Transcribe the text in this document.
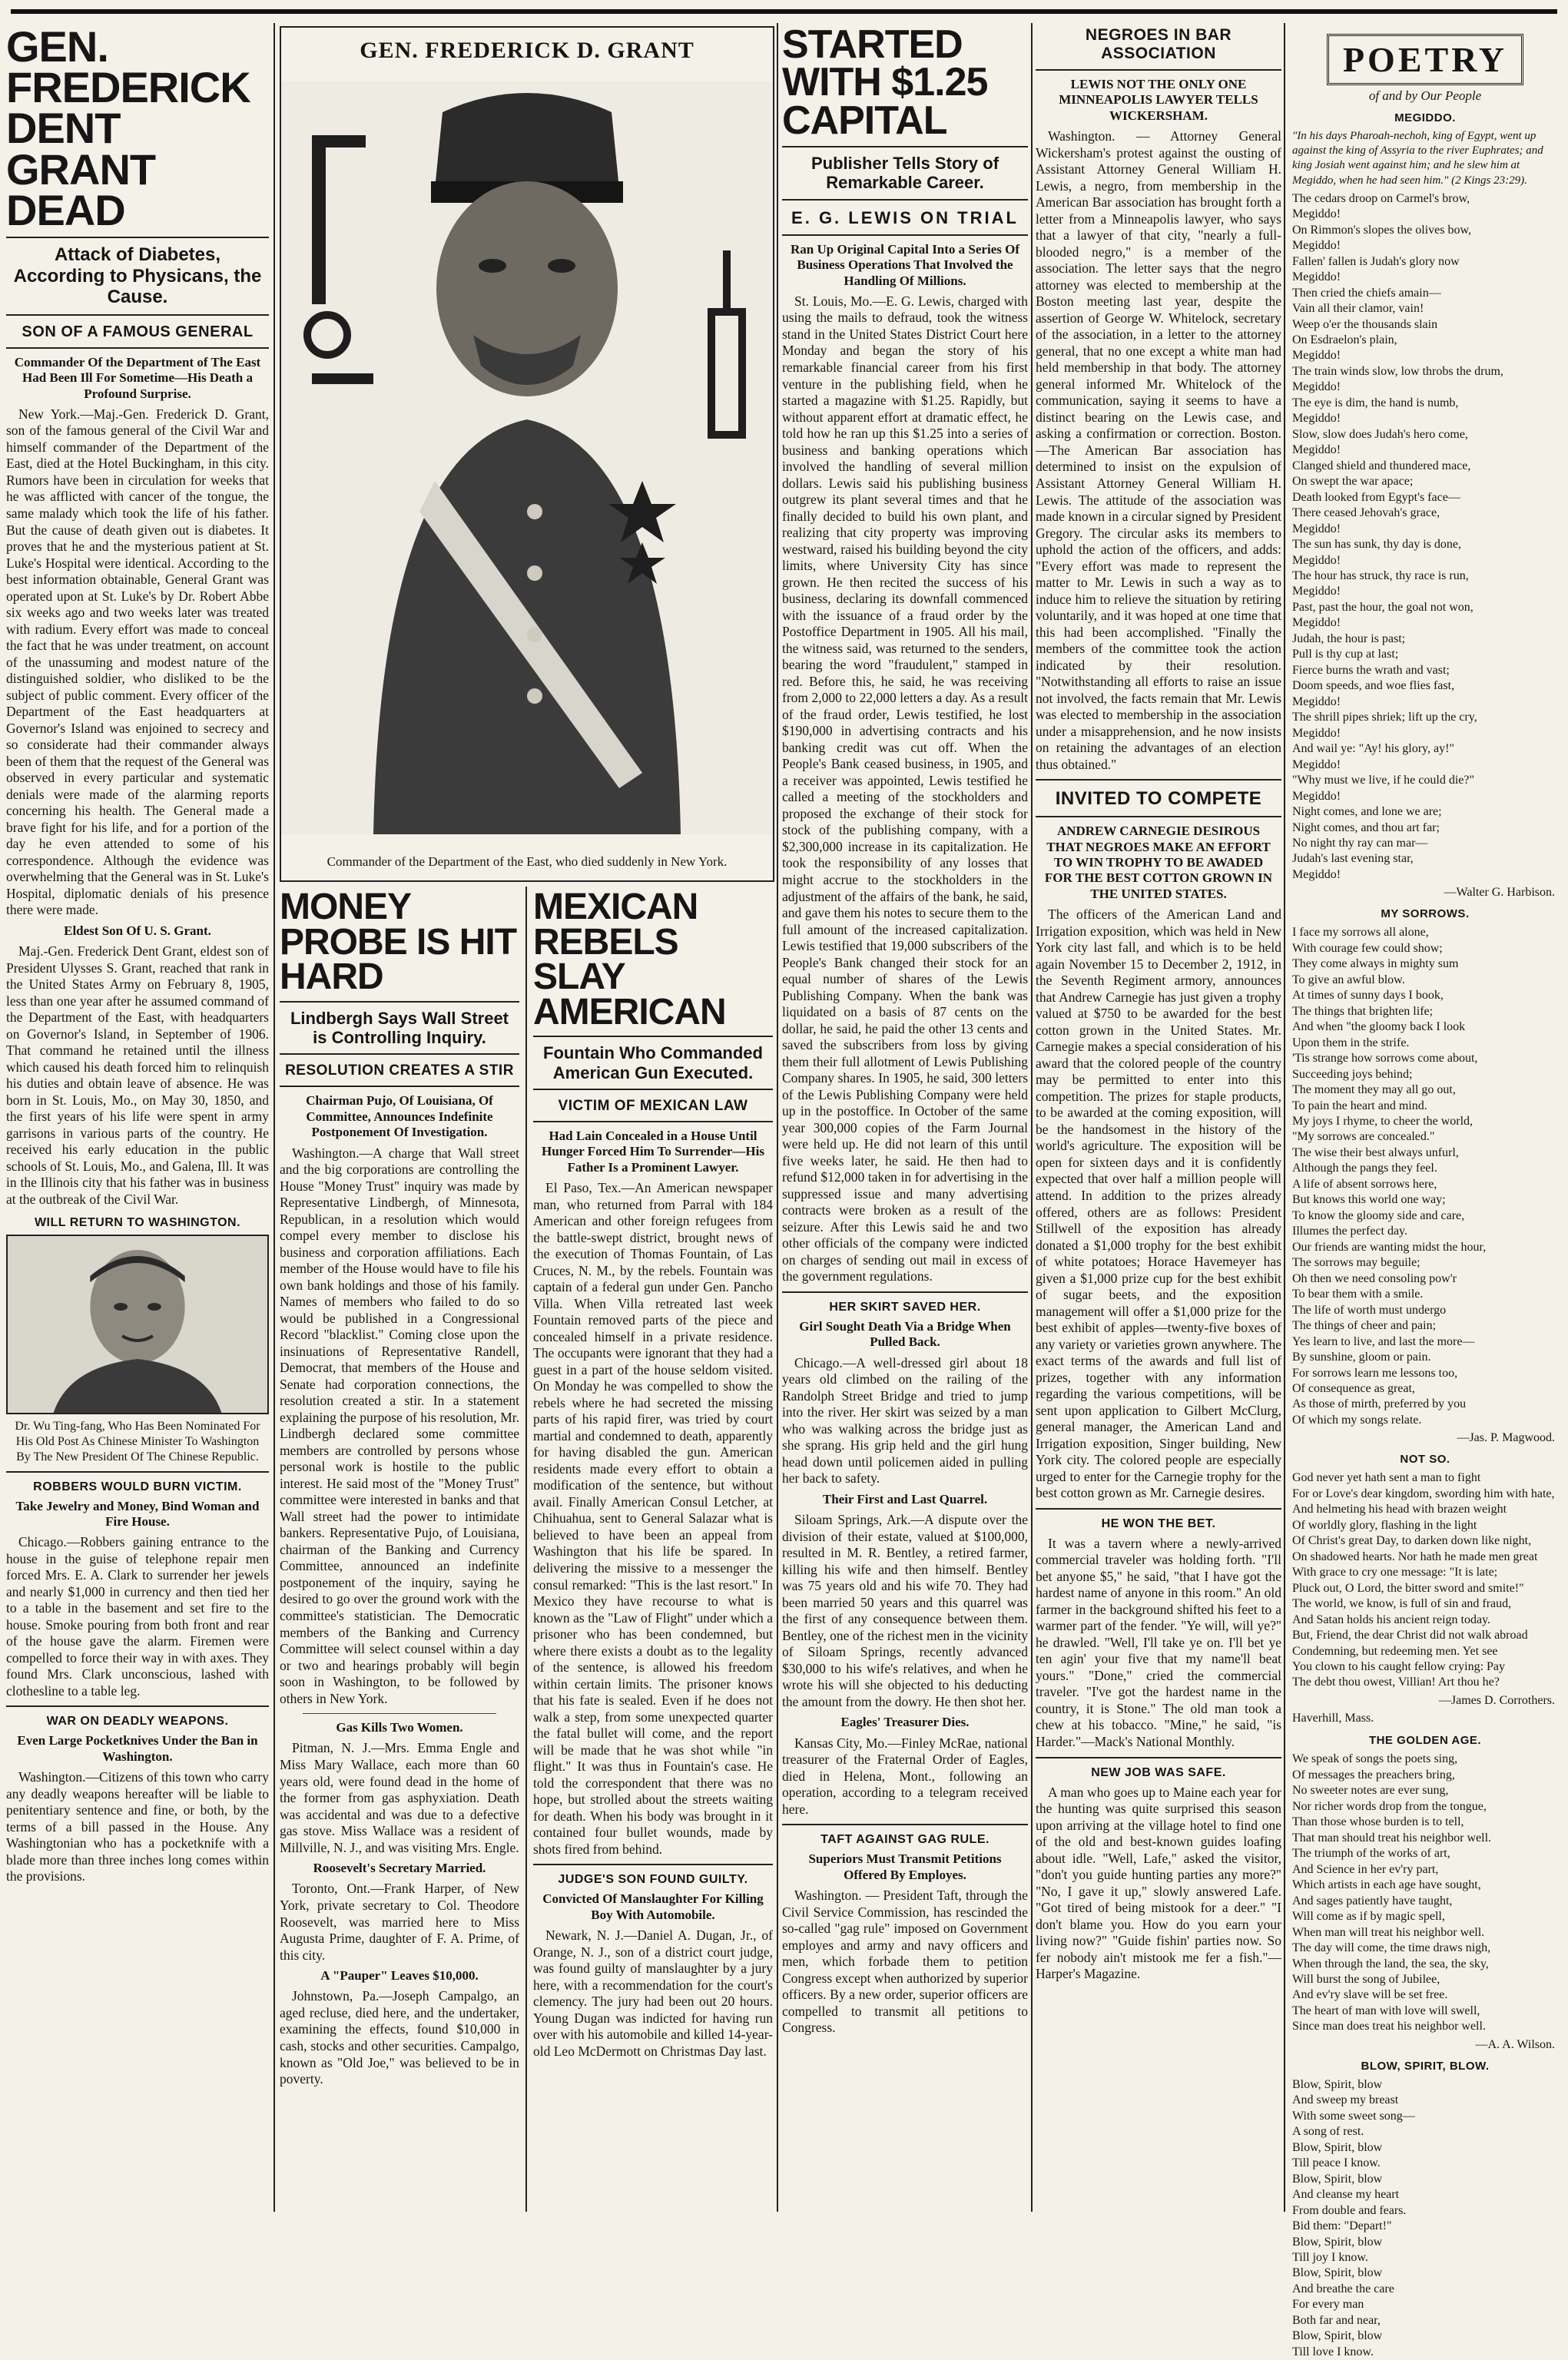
GEN. FREDERICK DENT GRANT DEAD
Attack of Diabetes, According to Physicans, the Cause.
SON OF A FAMOUS GENERAL
Commander Of the Department of The East Had Been Ill For Sometime—His Death a Profound Surprise.

New York.—Maj.-Gen. Frederick D. Grant, son of the famous general of the Civil War and himself commander of the Department of the East, died at the Hotel Buckingham, in this city. Rumors have been in circulation for weeks that he was afflicted with cancer of the tongue, the same malady which took the life of his father. But the cause of death given out is diabetes. It proves that he and the mysterious patient at St. Luke's Hospital were identical. According to the best information obtainable, General Grant was operated upon at St. Luke's by Dr. Robert Abbe six weeks ago and two weeks later was treated with radium. Every effort was made to conceal the fact that he was under treatment, on account of the unassuming and modest nature of the distinguished soldier, who disliked to be the subject of public comment. Every officer of the Department of the East headquarters at Governor's Island was enjoined to secrecy and so considerate had their commander always been of them that the request of the General was observed in every particular and systematic denials were made of the alarming reports concerning his health. The General made a brave fight for his life, and for a portion of the day he even attended to some of his correspondence. Although the evidence was overwhelming that the General was in St. Luke's Hospital, diplomatic denials of his presence there were made.

Eldest Son Of U. S. Grant.

Maj.-Gen. Frederick Dent Grant, eldest son of President Ulysses S. Grant, reached that rank in the United States Army on February 8, 1905, less than one year after he assumed command of the Department of the East, with headquarters on Governor's Island, in September of 1906. That command he retained until the illness which caused his death forced him to relinquish his duties and obtain leave of absence. He was born in St. Louis, Mo., on May 30, 1850, and the first years of his life were spent in army garrisons in various parts of the country. He received his early education in the public schools of St. Louis, Mo., and Galena, Ill. It was in the Illinois city that his father was in business at the outbreak of the Civil War.

WILL RETURN TO WASHINGTON.
Dr. Wu Ting-fang, Who Has Been Nominated For His Old Post As Chinese Minister To Washington By The New President Of The Chinese Republic.
ROBBERS WOULD BURN VICTIM.
Take Jewelry and Money, Bind Woman and Fire House.

Chicago.—Robbers gaining entrance to the house in the guise of telephone repair men forced Mrs. E. A. Clark to surrender her jewels and nearly $1,000 in currency and then tied her to a table in the basement and set fire to the house. Smoke pouring from both front and rear of the house gave the alarm. Firemen were compelled to force their way in with axes. They found Mrs. Clark unconscious, lashed with clothesline to a table leg.

WAR ON DEADLY WEAPONS.
Even Large Pocketknives Under the Ban in Washington.

Washington.—Citizens of this town who carry any deadly weapons hereafter will be liable to penitentiary sentence and fine, or both, by the terms of a bill passed in the House. Any Washingtonian who has a pocketknife with a blade more than three inches long comes within the provisions.

GEN. FREDERICK D. GRANT
Commander of the Department of the East, who died suddenly in New York.
MONEY PROBE IS HIT HARD
Lindbergh Says Wall Street is Controlling Inquiry.
RESOLUTION CREATES A STIR
Chairman Pujo, Of Louisiana, Of Committee, Announces Indefinite Postponement Of Investigation.

Washington.—A charge that Wall street and the big corporations are controlling the House "Money Trust" inquiry was made by Representative Lindbergh, of Minnesota, Republican, in a resolution which would compel every member to disclose his business and corporation affiliations. Each member of the House would have to file his own bank holdings and those of his family. Names of members who failed to do so would be published in a Congressional Record "blacklist." Coming close upon the insinuations of Representative Randell, Democrat, that members of the House and Senate had corporation connections, the resolution created a stir. In a statement explaining the purpose of his resolution, Mr. Lindbergh declared some committee members are controlled by persons whose personal work is hostile to the public interest. He said most of the "Money Trust" committee were interested in banks and that Wall street had the power to intimidate bankers. Representative Pujo, of Louisiana, chairman of the Banking and Currency Committee, announced an indefinite postponement of the inquiry, saying he desired to go over the ground work with the committee's statistician. The Democratic members of the Banking and Currency Committee will select counsel within a day or two and hearings probably will begin soon in Washington, to be followed by others in New York.

Gas Kills Two Women.

Pitman, N. J.—Mrs. Emma Engle and Miss Mary Wallace, each more than 60 years old, were found dead in the home of the former from gas asphyxiation. Death was accidental and was due to a defective gas stove. Miss Wallace was a resident of Millville, N. J., and was visiting Mrs. Engle.

Roosevelt's Secretary Married.

Toronto, Ont.—Frank Harper, of New York, private secretary to Col. Theodore Roosevelt, was married here to Miss Augusta Prime, daughter of F. A. Prime, of this city.

A "Pauper" Leaves $10,000.

Johnstown, Pa.—Joseph Campalgo, an aged recluse, died here, and the undertaker, examining the effects, found $10,000 in cash, stocks and other securities. Campalgo, known as "Old Joe," was believed to be in poverty.

MEXICAN REBELS SLAY AMERICAN
Fountain Who Commanded American Gun Executed.
VICTIM OF MEXICAN LAW
Had Lain Concealed in a House Until Hunger Forced Him To Surrender—His Father Is a Prominent Lawyer.

El Paso, Tex.—An American newspaper man, who returned from Parral with 184 American and other foreign refugees from the battle-swept district, brought news of the execution of Thomas Fountain, of Las Cruces, N. M., by the rebels. Fountain was captain of a federal gun under Gen. Pancho Villa. When Villa retreated last week Fountain removed parts of the piece and concealed himself in a private residence. The occupants were ignorant that they had a guest in a part of the house seldom visited. On Monday he was compelled to show the rebels where he had secreted the missing parts of his rapid firer, was tried by court martial and condemned to death, apparently for having disabled the gun. American residents made every effort to obtain a modification of the sentence, but without avail. Finally American Consul Letcher, at Chihuahua, sent to General Salazar what is believed to have been an appeal from Washington that his life be spared. In delivering the missive to a messenger the consul remarked: "This is the last resort." In Mexico they have recourse to what is known as the "Law of Flight" under which a prisoner who has been condemned, but where there exists a doubt as to the legality of the sentence, is allowed his freedom within certain limits. The prisoner knows that his fate is sealed. Even if he does not walk a step, from some unexpected quarter the fatal bullet will come, and the report will be made that he was shot while "in flight." It was thus in Fountain's case. He told the correspondent that there was no hope, but strolled about the streets waiting for death. When his body was brought in it contained four bullet wounds, made by shots fired from behind.

JUDGE'S SON FOUND GUILTY.
Convicted Of Manslaughter For Killing Boy With Automobile.

Newark, N. J.—Daniel A. Dugan, Jr., of Orange, N. J., son of a district court judge, was found guilty of manslaughter by a jury here, with a recommendation for the court's clemency. The jury had been out 20 hours. Young Dugan was indicted for having run over with his automobile and killed 14-year-old Leo McDermott on Christmas Day last.

STARTED WITH $1.25 CAPITAL
Publisher Tells Story of Remarkable Career.
E. G. LEWIS ON TRIAL
Ran Up Original Capital Into a Series Of Business Operations That Involved the Handling Of Millions.

St. Louis, Mo.—E. G. Lewis, charged with using the mails to defraud, took the witness stand in the United States District Court here Monday and began the story of his remarkable financial career from his first venture in the publishing field, when he started a magazine with $1.25. Rapidly, but without apparent effort at dramatic effect, he told how he ran up this $1.25 into a series of business and banking operations which involved the handling of several million dollars. Lewis said his publishing business outgrew its plant several times and that he finally decided to build his own plant, and realizing that city property was improving westward, raised his building beyond the city limits, where University City has since grown. He then recited the success of his business, declaring its downfall commenced with the issuance of a fraud order by the Postoffice Department in 1905. All his mail, the witness said, was returned to the senders, bearing the word "fraudulent," stamped in red. Before this, he said, he was receiving from 2,000 to 22,000 letters a day. As a result of the fraud order, Lewis testified, he lost $190,000 in advertising contracts and his banking credit was cut off. When the People's Bank ceased business, in 1905, and a receiver was appointed, Lewis testified he called a meeting of the stockholders and proposed the exchange of their stock for stock of the publishing company, with a $2,300,000 increase in its capitalization. He took the responsibility of any losses that might accrue to the stockholders in the adjustment of the affairs of the bank, he said, and gave them his notes to secure them to the full amount of the increased capitalization. Lewis testified that 19,000 subscribers of the People's Bank changed their stock for an equal number of shares of the Lewis Publishing Company. When the bank was liquidated on a basis of 87 cents on the dollar, he said, he paid the other 13 cents and saved the subscribers from loss by giving them their full allotment of Lewis Publishing Company shares. In 1905, he said, 300 letters of the Lewis Publishing Company were held up in the postoffice. In October of the same year 300,000 copies of the Farm Journal were held up. He did not learn of this until five weeks later, he said. He then had to refund $12,000 taken in for advertising in the suppressed issue and many advertising contracts were broken as a result of the seizure. After this Lewis said he and two other officials of the company were indicted on charges of sending out mail in excess of the government regulations.

HER SKIRT SAVED HER.
Girl Sought Death Via a Bridge When Pulled Back.

Chicago.—A well-dressed girl about 18 years old climbed on the railing of the Randolph Street Bridge and tried to jump into the river. Her skirt was seized by a man who was walking across the bridge just as she sprang. His grip held and the girl hung head down until policemen aided in pulling her back to safety.

Their First and Last Quarrel.

Siloam Springs, Ark.—A dispute over the division of their estate, valued at $100,000, resulted in M. R. Bentley, a retired farmer, killing his wife and then himself. Bentley was 75 years old and his wife 70. They had been married 50 years and this quarrel was the first of any consequence between them. Bentley, one of the richest men in the vicinity of Siloam Springs, recently advanced $30,000 to his wife's relatives, and when he wrote his will she objected to his deducting the amount from the dowry. He then shot her.

Eagles' Treasurer Dies.

Kansas City, Mo.—Finley McRae, national treasurer of the Fraternal Order of Eagles, died in Helena, Mont., following an operation, according to a telegram received here.

TAFT AGAINST GAG RULE.
Superiors Must Transmit Petitions Offered By Employes.

Washington. — President Taft, through the Civil Service Commission, has rescinded the so-called "gag rule" imposed on Government employes and army and navy officers and men, which forbade them to petition Congress except when authorized by superior officers. By a new order, superior officers are compelled to transmit all petitions to Congress.

NEGROES IN BAR ASSOCIATION
LEWIS NOT THE ONLY ONE MINNEAPOLIS LAWYER TELLS WICKERSHAM.

Washington. — Attorney General Wickersham's protest against the ousting of Assistant Attorney General William H. Lewis, a negro, from membership in the American Bar association has brought forth a letter from a Minneapolis lawyer, who says that a lawyer of that city, "nearly a full-blooded negro," is a member of the association. The letter says that the negro attorney was elected to membership at the Boston meeting last year, despite the assertion of George W. Whitelock, secretary of the association, in a letter to the attorney general, that no one except a white man had held membership in that body. The attorney general informed Mr. Whitelock of the communication, saying it seems to have a distinct bearing on the Lewis case, and asking a confirmation or correction. Boston.—The American Bar association has determined to insist on the expulsion of Assistant Attorney General William H. Lewis. The attitude of the association was made known in a circular signed by President Gregory. The circular asks its members to uphold the action of the officers, and adds: "Every effort was made to represent the matter to Mr. Lewis in such a way as to induce him to relieve the situation by retiring voluntarily, and it was hoped at one time that this had been accomplished. "Finally the members of the committee took the action indicated by their resolution. "Notwithstanding all efforts to raise an issue not involved, the facts remain that Mr. Lewis was elected to membership in the association under a misapprehension, and he now insists on retaining the advantages of an election thus obtained."

INVITED TO COMPETE
ANDREW CARNEGIE DESIROUS THAT NEGROES MAKE AN EFFORT TO WIN TROPHY TO BE AWADED FOR THE BEST COTTON GROWN IN THE UNITED STATES.

The officers of the American Land and Irrigation exposition, which was held in New York city last fall, and which is to be held again November 15 to December 2, 1912, in the Seventh Regiment armory, announces that Andrew Carnegie has just given a trophy valued at $750 to be awarded for the best cotton grown in the United States. Mr. Carnegie makes a special consideration of his award that the colored people of the country may be permitted to enter into this competition. The prizes for staple products, to be awarded at the coming exposition, will be the handsomest in the history of the world's agriculture. The exposition will be open for sixteen days and it is confidently expected that over half a million people will attend. In addition to the prizes already offered, others are as follows: President Stillwell of the exposition has already donated a $1,000 trophy for the best exhibit of white potatoes; Horace Havemeyer has given a $1,000 prize cup for the best exhibit of sugar beets, and the exposition management will offer a $1,000 prize for the best exhibit of apples—twenty-five boxes of any variety or varieties grown anywhere. The exact terms of the awards and full list of prizes, together with any information regarding the various competitions, will be sent upon application to Gilbert McClurg, general manager, the American Land and Irrigation exposition, Singer building, New York city. The colored people are especially urged to enter for the Carnegie trophy for the best cotton grown as Mr. Carnegie desires.

HE WON THE BET.

It was a tavern where a newly-arrived commercial traveler was holding forth. "I'll bet anyone $5," he said, "that I have got the hardest name of anyone in this room." An old farmer in the background shifted his feet to a warmer part of the fender. "Ye will, will ye?" he drawled. "Well, I'll take ye on. I'll bet ye ten agin' your five that my name'll beat yours." "Done," cried the commercial traveler. "I've got the hardest name in the country, it is Stone." The old man took a chew at his tobacco. "Mine," he said, "is Harder."—Mack's National Monthly.

NEW JOB WAS SAFE.

A man who goes up to Maine each year for the hunting was quite surprised this season upon arriving at the village hotel to find one of the old and best-known guides loafing about idle. "Well, Lafe," asked the visitor, "don't you guide hunting parties any more?" "No, I gave it up," slowly answered Lafe. "Got tired of being mistook for a deer." "I don't blame you. How do you earn your living now?" "Guide fishin' parties now. So fer nobody ain't mistook me fer a fish."—Harper's Magazine.

POETRY
of and by Our People
MEGIDDO.
"In his days Pharoah-nechoh, king of Egypt, went up against the king of Assyria to the river Euphrates; and king Josiah went against him; and he slew him at Megiddo, when he had seen him." (2 Kings 23:29).
The cedars droop on Carmel's brow,
Megiddo!
On Rimmon's slopes the olives bow,
Megiddo!
Fallen' fallen is Judah's glory now
Megiddo!
Then cried the chiefs amain—
Vain all their clamor, vain!
Weep o'er the thousands slain
On Esdraelon's plain,
Megiddo!
The train winds slow, low throbs the drum,
Megiddo!
The eye is dim, the hand is numb,
Megiddo!
Slow, slow does Judah's hero come,
Megiddo!
Clanged shield and thundered mace,
On swept the war apace;
Death looked from Egypt's face—
There ceased Jehovah's grace,
Megiddo!
The sun has sunk, thy day is done,
Megiddo!
The hour has struck, thy race is run,
Megiddo!
Past, past the hour, the goal not won,
Megiddo!
Judah, the hour is past;
Pull is thy cup at last;
Fierce burns the wrath and vast;
Doom speeds, and woe flies fast,
Megiddo!
The shrill pipes shriek; lift up the cry,
Megiddo!
And wail ye: "Ay! his glory, ay!"
Megiddo!
"Why must we live, if he could die?"
Megiddo!
Night comes, and lone we are;
Night comes, and thou art far;
No night thy ray can mar—
Judah's last evening star,
Megiddo!
—Walter G. Harbison.
MY SORROWS.
I face my sorrows all alone,
With courage few could show;
They come always in mighty sum
To give an awful blow.
At times of sunny days I book,
The things that brighten life;
And when "the gloomy back I look
Upon them in the strife.
'Tis strange how sorrows come about,
Succeeding joys behind;
The moment they may all go out,
To pain the heart and mind.
My joys I rhyme, to cheer the world,
"My sorrows are concealed."
The wise their best always unfurl,
Although the pangs they feel.
A life of absent sorrows here,
But knows this world one way;
To know the gloomy side and care,
Illumes the perfect day.
Our friends are wanting midst the hour,
The sorrows may beguile;
Oh then we need consoling pow'r
To bear them with a smile.
The life of worth must undergo
The things of cheer and pain;
Yes learn to live, and last the more—
By sunshine, gloom or pain.
For sorrows learn me lessons too,
Of consequence as great,
As those of mirth, preferred by you
Of which my songs relate.
—Jas. P. Magwood.
NOT SO.
God never yet hath sent a man to fight
For or Love's dear kingdom, swording him with hate,
And helmeting his head with brazen weight
Of worldly glory, flashing in the light
Of Christ's great Day, to darken down like night,
On shadowed hearts. Nor hath he made men great
With grace to cry one message: "It is late;
Pluck out, O Lord, the bitter sword and smite!"
The world, we know, is full of sin and fraud,
And Satan holds his ancient reign today.
But, Friend, the dear Christ did not walk abroad
Condemning, but redeeming men. Yet see
You clown to his caught fellow crying: Pay
The debt thou owest, Villian! Art thou he?
—James D. Corrothers.
Haverhill, Mass.
THE GOLDEN AGE.
We speak of songs the poets sing,
Of messages the preachers bring,
No sweeter notes are ever sung,
Nor richer words drop from the tongue,
Than those whose burden is to tell,
That man should treat his neighbor well.
The triumph of the works of art,
And Science in her ev'ry part,
Which artists in each age have sought,
And sages patiently have taught,
Will come as if by magic spell,
When man will treat his neighbor well.
The day will come, the time draws nigh,
When through the land, the sea, the sky,
Will burst the song of Jubilee,
And ev'ry slave will be set free.
The heart of man with love will swell,
Since man does treat his neighbor well.
—A. A. Wilson.
BLOW, SPIRIT, BLOW.
Blow, Spirit, blow
And sweep my breast
With some sweet song—
A song of rest.
Blow, Spirit, blow
Till peace I know.
Blow, Spirit, blow
And cleanse my heart
From double and fears.
Bid them: "Depart!"
Blow, Spirit, blow
Till joy I know.
Blow, Spirit, blow
And breathe the care
For every man
Both far and near,
Blow, Spirit, blow
Till love I know.
